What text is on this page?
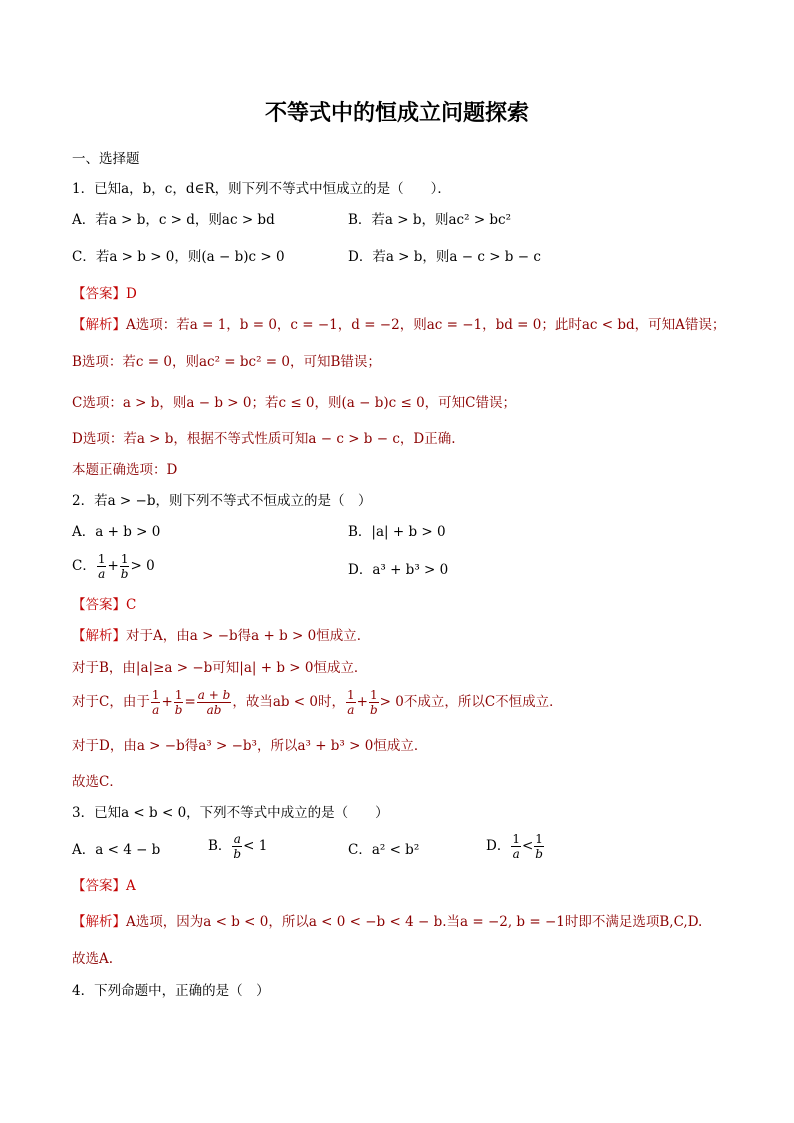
不等式中的恒成立问题探索
一、选择题
1．已知a，b，c，d∈R，则下列不等式中恒成立的是（　　）．
A．若a > b，c > d，则ac > bd	B．若a > b，则ac² > bc²
C．若a > b > 0，则(a − b)c > 0	D．若a > b，则a − c > b − c
【答案】D
【解析】A选项：若a = 1，b = 0，c = −1，d = −2，则ac = −1，bd = 0；此时ac < bd，可知A错误；
B选项：若c = 0，则ac² = bc² = 0，可知B错误；
C选项：a > b，则a − b > 0；若c ≤ 0，则(a − b)c ≤ 0，可知C错误；
D选项：若a > b，根据不等式性质可知a − c > b − c，D正确.
本题正确选项：D
2．若a > −b，则下列不等式不恒成立的是（　）
A．a + b > 0	B．|a| + b > 0
C． $\frac{1}{a} + \frac{1}{b} > 0$	D．a³ + b³ > 0
【答案】C
【解析】对于A，由a > −b得a + b > 0恒成立．
对于B，由|a|≥a > −b可知|a| + b > 0恒成立．
对于C，由于 $\frac{1}{a} + \frac{1}{b} = \frac{a + b}{ab}$ ，故当ab < 0时， $\frac{1}{a} + \frac{1}{b} > 0$不成立，所以C不恒成立．
对于D，由a > −b得a³ > −b³，所以a³ + b³ > 0恒成立．
故选C．
3．已知a < b < 0，下列不等式中成立的是（　　）
A．a < 4 − b	B． $\frac{a}{b} < 1$	C．a² < b²	D． $\frac{1}{a} < \frac{1}{b}$
【答案】A
【解析】A选项，因为a < b < 0，所以a < 0 < −b < 4 − b.当a = −2, b = −1时即不满足选项B,C,D.
故选A.
4．下列命题中，正确的是（　）
